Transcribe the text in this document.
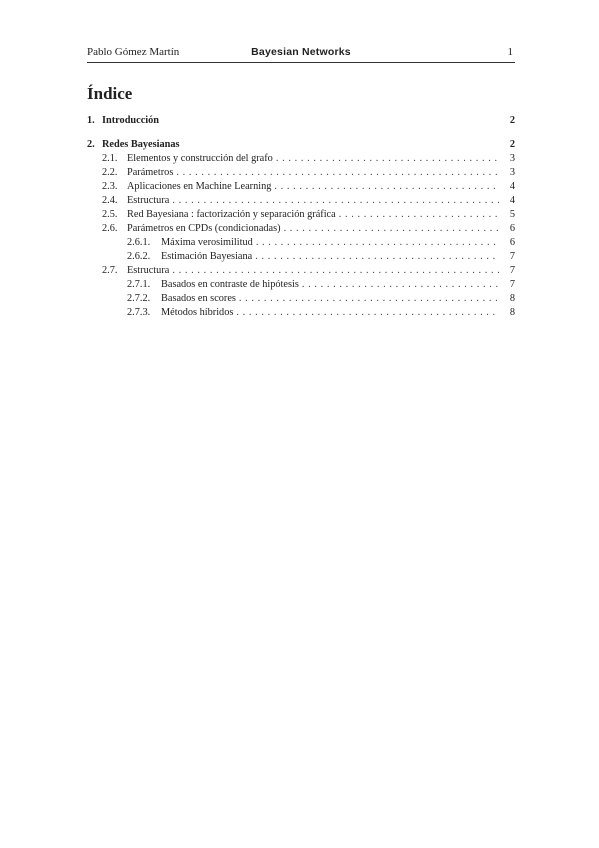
Pablo Gómez Martín	Bayesian Networks	1
Índice
1. Introducción	2
2. Redes Bayesianas	2
2.1. Elementos y construcción del grafo . . .	3
2.2. Parámetros . . .	3
2.3. Aplicaciones en Machine Learning . . .	4
2.4. Estructura . . .	4
2.5. Red Bayesiana : factorización y separación gráfica . . .	5
2.6. Parámetros en CPDs (condicionadas) . . .	6
2.6.1.	Máxima verosimilitud . . .	6
2.6.2.	Estimación Bayesiana . . .	7
2.7. Estructura . . .	7
2.7.1.	Basados en contraste de hipótesis . . .	7
2.7.2.	Basados en scores . . .	8
2.7.3.	Métodos híbridos . . .	8
